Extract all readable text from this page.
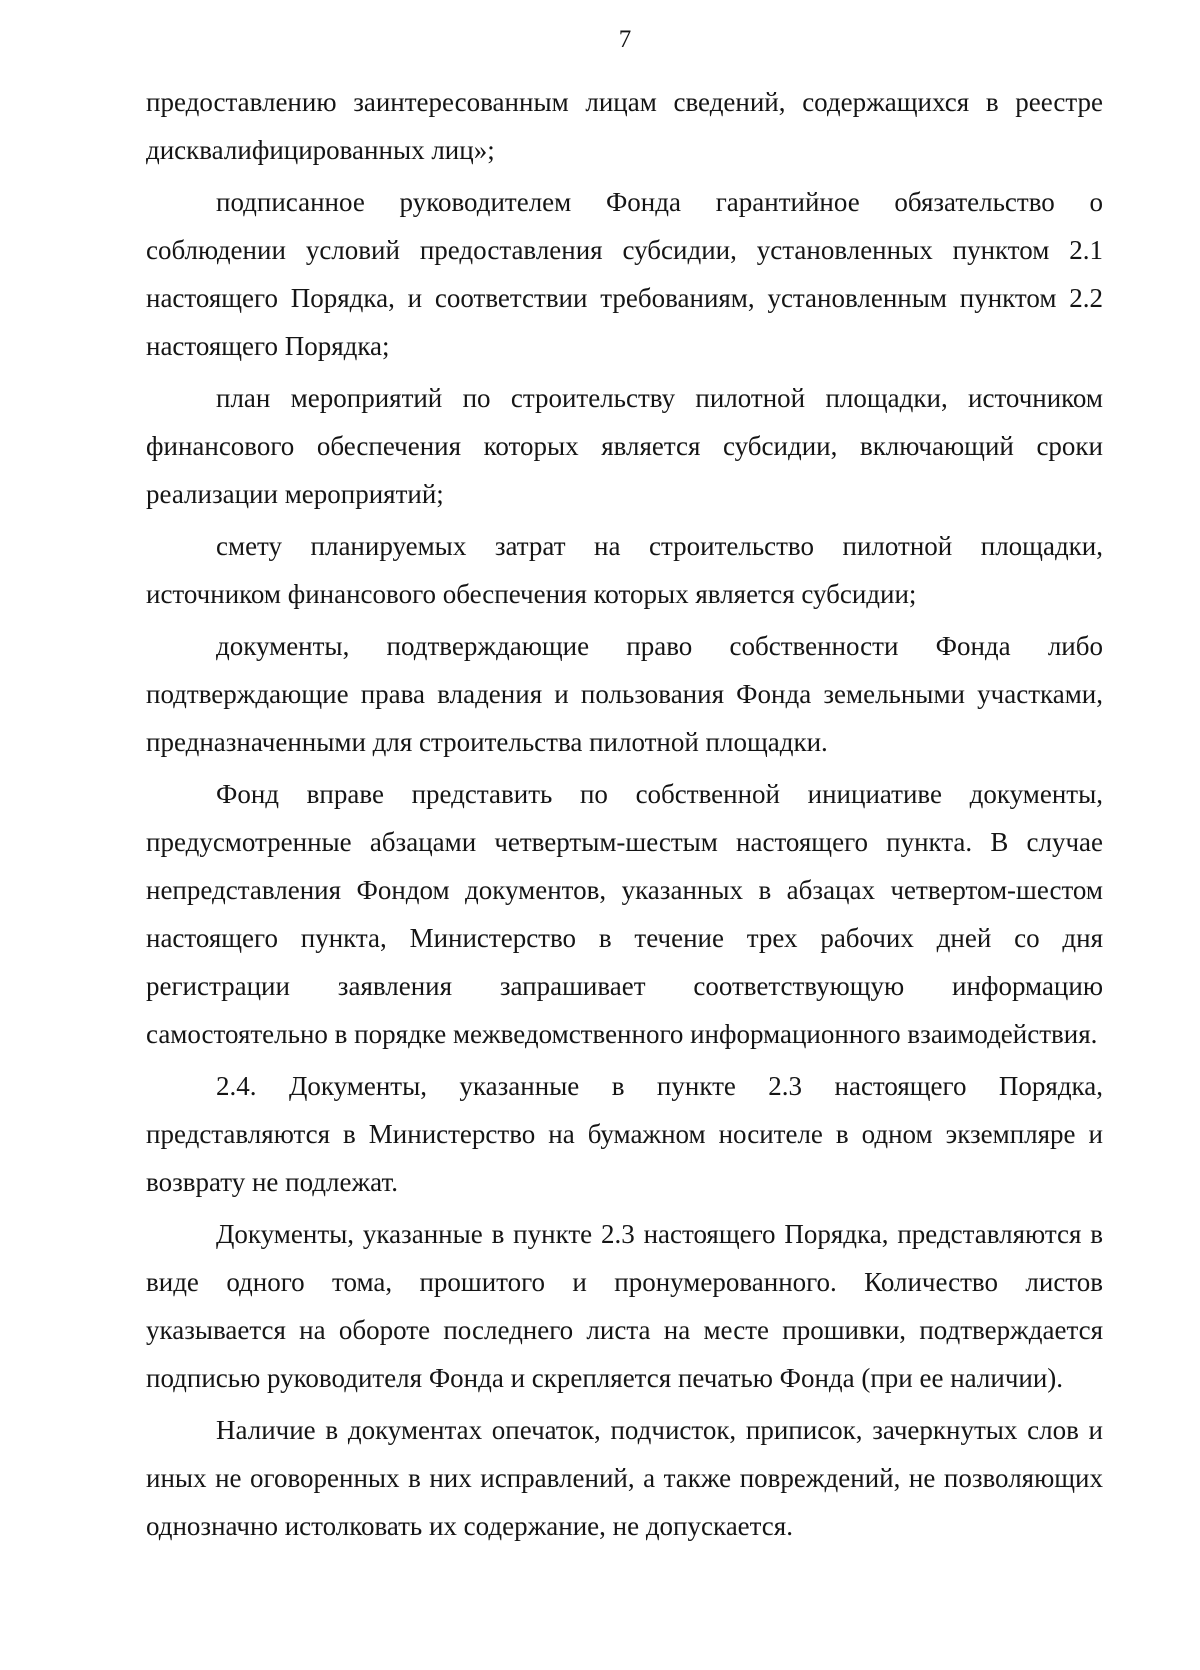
7

предоставлению заинтересованным лицам сведений, содержащихся в реестре дисквалифицированных лиц»;

подписанное руководителем Фонда гарантийное обязательство о соблюдении условий предоставления субсидии, установленных пунктом 2.1 настоящего Порядка, и соответствии требованиям, установленным пунктом 2.2 настоящего Порядка;

план мероприятий по строительству пилотной площадки, источником финансового обеспечения которых является субсидии, включающий сроки реализации мероприятий;

смету планируемых затрат на строительство пилотной площадки, источником финансового обеспечения которых является субсидии;

документы, подтверждающие право собственности Фонда либо подтверждающие права владения и пользования Фонда земельными участками, предназначенными для строительства пилотной площадки.

Фонд вправе представить по собственной инициативе документы, предусмотренные абзацами четвертым-шестым настоящего пункта. В случае непредставления Фондом документов, указанных в абзацах четвертом-шестом настоящего пункта, Министерство в течение трех рабочих дней со дня регистрации заявления запрашивает соответствующую информацию самостоятельно в порядке межведомственного информационного взаимодействия.

2.4. Документы, указанные в пункте 2.3 настоящего Порядка, представляются в Министерство на бумажном носителе в одном экземпляре и возврату не подлежат.

Документы, указанные в пункте 2.3 настоящего Порядка, представляются в виде одного тома, прошитого и пронумерованного. Количество листов указывается на обороте последнего листа на месте прошивки, подтверждается подписью руководителя Фонда и скрепляется печатью Фонда (при ее наличии).

Наличие в документах опечаток, подчисток, приписок, зачеркнутых слов и иных не оговоренных в них исправлений, а также повреждений, не позволяющих однозначно истолковать их содержание, не допускается.
